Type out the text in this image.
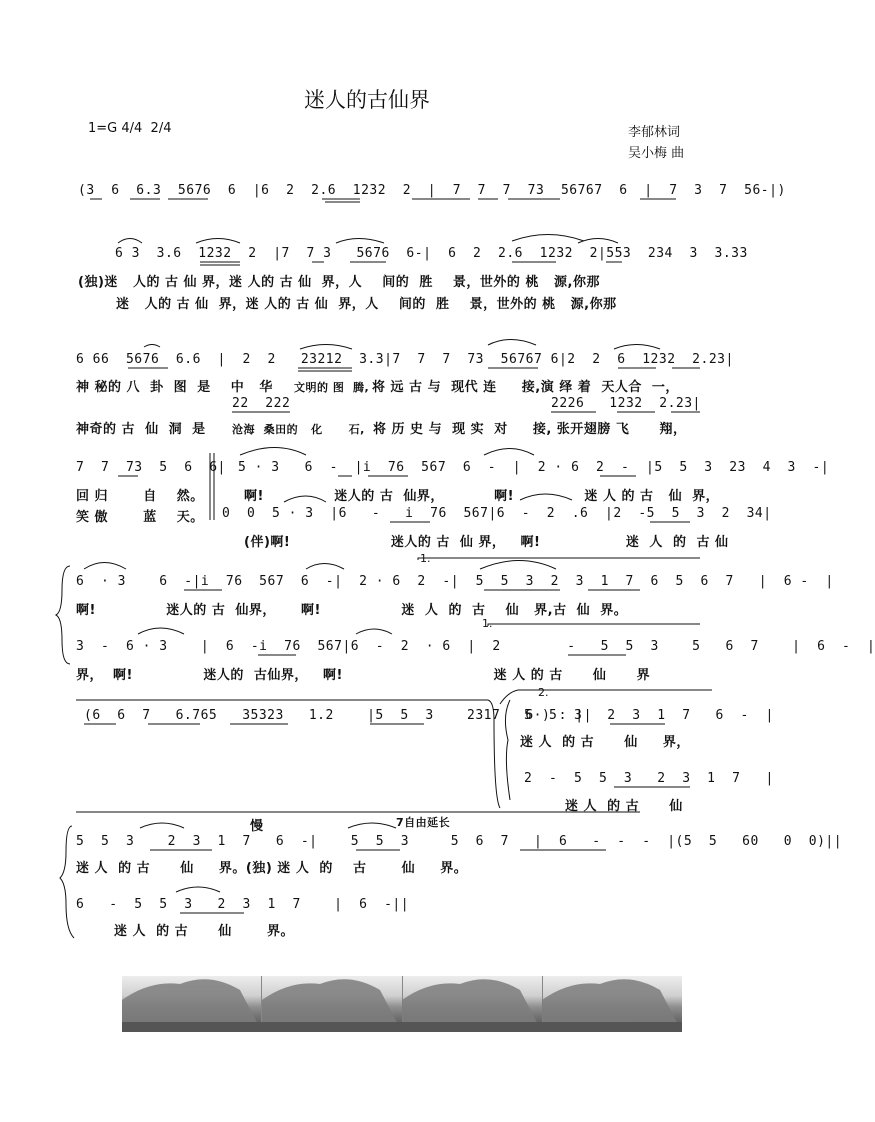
迷人的古仙界
1=G 4/4  2/4	李郁林词
吴小梅 曲
(3  6  6.3  5676  6  |6  2  2.6  1232  2  |  7  7  7  73  56767  6  |  7  3  7  56-|)
6 3  3.6  1232  2  |7  7 3   5676  6-|  6  2  2.6  1232  2|553  234  3  3.33
(独)迷   人的 古 仙 界，迷 人的 古 仙  界，人    间的  胜    景，世外的 桃   源,你那
迷   人的 古 仙  界，迷 人的 古 仙  界，人    间的  胜    景，世外的 桃   源,你那
6 66  5676  6.6  |  2  2   23212  3.3|7  7  7  73  56767 6|2  2  6  1232  2.23|
神 秘的 八  卦  图  是    中   华 文明的 图  腾, 将 远 古 与  现代 连     接,演 绎 着  天人合  一，
22  222	2226   1232  2.23|
神奇的 古  仙  洞  是 沧海  桑田的   化      石, 将 历 史 与  现 实  对     接, 张开翅膀 飞      翔，
7  7  73  5  6  6| 5 · 3   6  -  |i  76  567  6  -  |  2 · 6  2  -  |5  5  3  23  4  3  -|
回 归       自    然。	啊!              迷人的 古  仙界，          啊!              迷 人 的 古   仙  界，
笑 傲       蓝    天。 0  0  5 · 3  |6   -   i  76  567|6  -  2  .6  |2  -5  5  3  2  34|
(伴)啊!                    迷人的 古  仙 界，   啊!                 迷  人  的  古 仙
1.
6  · 3    6  -|i  76  567  6  -|  2 · 6  2  -|  5  5  3  2  3  1  7  6  5  6  7   |  6 -  |
啊!              迷人的 古  仙界，     啊!                迷  人  的  古    仙   界,古  仙  界。
1.
3  -  6 · 3    |  6  -i  76  567|6  -  2  · 6  |  2        -   5  5  3    5   6  7    |  6  -  |
界，  啊!              迷人的  古仙界，   啊!                              迷 人 的 古      仙      界
(6  6  7   6.765   35323   1.2    |5  5  3    2317   6·) : ||
2.
5  5  3   2  3  1  7   6  -  |
迷 人  的 古      仙     界，
2  -  5  5  3   2  3  1  7   |
迷 人  的 古      仙
慢	7自由延长
5  5  3    2  3  1  7   6  -|    5  5  3     5  6  7   |  6   -  -  -  |(5  5   60   0  0)||
迷 人  的 古      仙     界。(独) 迷 人  的    古       仙     界。
6   -  5  5  3   2  3  1  7    |  6  -||
迷 人  的 古      仙       界。
